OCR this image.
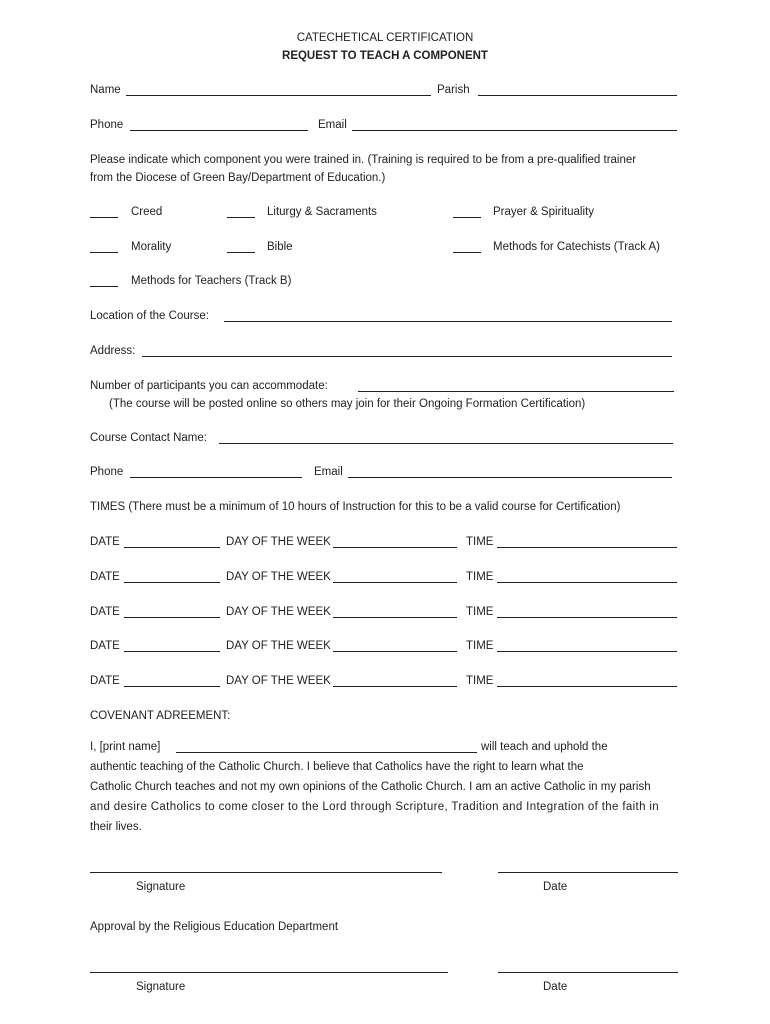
CATECHETICAL CERTIFICATION
REQUEST TO TEACH A COMPONENT
Name	Parish
Phone	Email
Please indicate which component you were trained in. (Training is required to be from a pre-qualified trainer
from the Diocese of Green Bay/Department of Education.)
Creed	Liturgy & Sacraments	Prayer & Spirituality
Morality	Bible	Methods for Catechists (Track A)
Methods for Teachers (Track B)
Location of the Course:
Address:
Number of participants you can accommodate:
(The course will be posted online so others may join for their Ongoing Formation Certification)
Course Contact Name:
Phone	Email
TIMES (There must be a minimum of 10 hours of Instruction for this to be a valid course for Certification)
DATE	DAY OF THE WEEK	TIME
DATE	DAY OF THE WEEK	TIME
DATE	DAY OF THE WEEK	TIME
DATE	DAY OF THE WEEK	TIME
DATE	DAY OF THE WEEK	TIME
COVENANT ADREEMENT:
I, [print name]	will teach and uphold the
authentic teaching of the Catholic Church. I believe that Catholics have the right to learn what the
Catholic Church teaches and not my own opinions of the Catholic Church. I am an active Catholic in my parish
and desire Catholics to come closer to the Lord through Scripture, Tradition and Integration of the faith in
their lives.
Signature	Date
Approval by the Religious Education Department
Signature	Date
